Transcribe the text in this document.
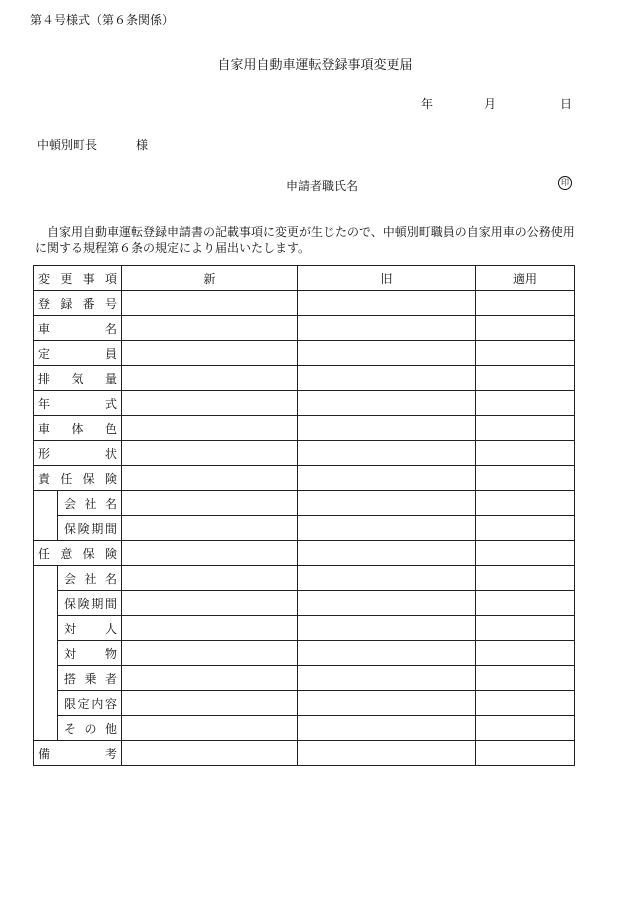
第４号様式（第６条関係）
自家用自動車運転登録事項変更届
年	月	日
中頓別町長	様
申請者職氏名	印
自家用自動車運転登録申請書の記載事項に変更が生じたので、中頓別町職員の自家用車の公務使用に関する規程第６条の規定により届出いたします。
変 更 事 項		新	旧	適用

登 録 番 号				

車 名				

定 員				

排 気 量				

年 式				

車 体 色				

形 状				

責 任 保 険				

	会 社 名			

	保 険 期 間			

任 意 保 険				

	会 社 名			

	保 険 期 間			

	対 人			

	対 物			

	搭 乗 者			

	限 定 内 容			

	そ の 他			

備 考				
